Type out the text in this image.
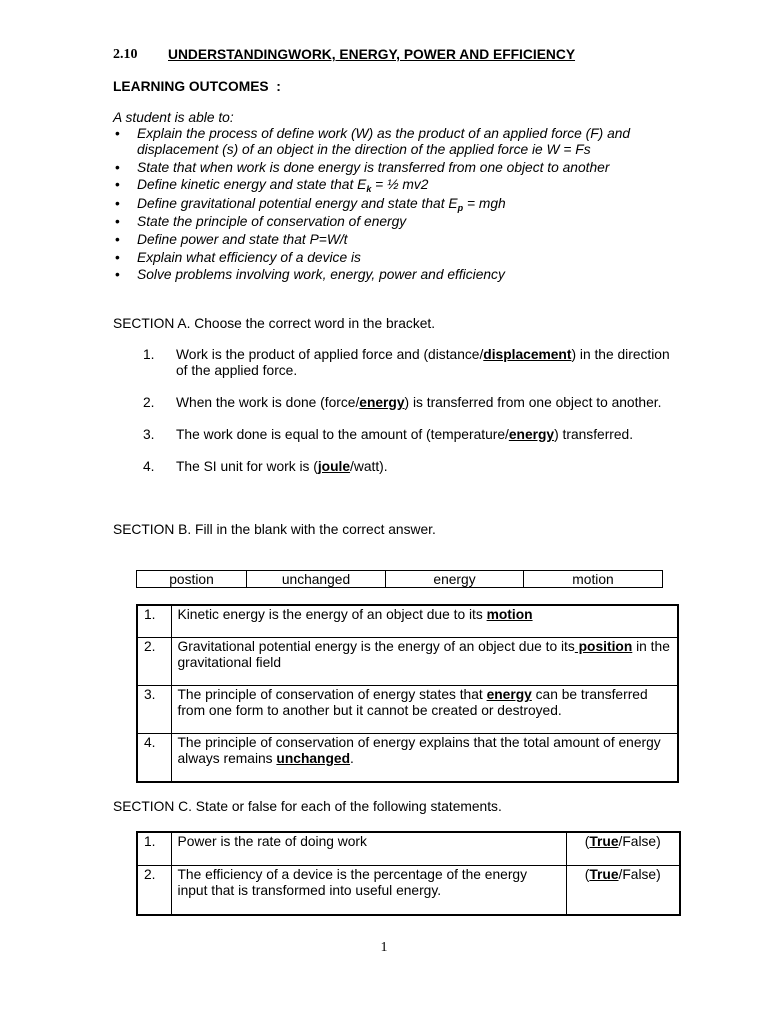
2.10 UNDERSTANDINGWORK, ENERGY, POWER AND EFFICIENCY
LEARNING OUTCOMES  :
A student is able to:
• Explain the process of define work (W) as the product of an applied force (F) and displacement (s) of an object in the direction of the applied force ie W = Fs
• State that when work is done energy is transferred from one object to another
• Define kinetic energy and state that $E_k$ = ½ mv2
• Define gravitational potential energy and state that $E_p$ = mgh
• State the principle of conservation of energy
• Define power and state that P=W/t
• Explain what efficiency of a device is
• Solve problems involving work, energy, power and efficiency
SECTION A. Choose the correct word in the bracket.
1.	Work is the product of applied force and (distance/displacement) in the direction of the applied force.
2.	When the work is done (force/energy) is transferred from one object to another.
3.	The work done is equal to the amount of (temperature/energy) transferred.
4.	The SI unit for work is (joule/watt).
SECTION B. Fill in the blank with the correct answer.
postion	unchanged	energy	motion
1.	Kinetic energy is the energy of an object due to its motion
2.	Gravitational potential energy is the energy of an object due to its position in the gravitational field
3.	The principle of conservation of energy states that energy can be transferred from one form to another but it cannot be created or destroyed.
4.	The principle of conservation of energy explains that the total amount of energy always remains unchanged.
SECTION C. State or false for each of the following statements.
1.	Power is the rate of doing work	(True/False)
2.	The efficiency of a device is the percentage of the energy input that is transformed into useful energy.	(True/False)
1
